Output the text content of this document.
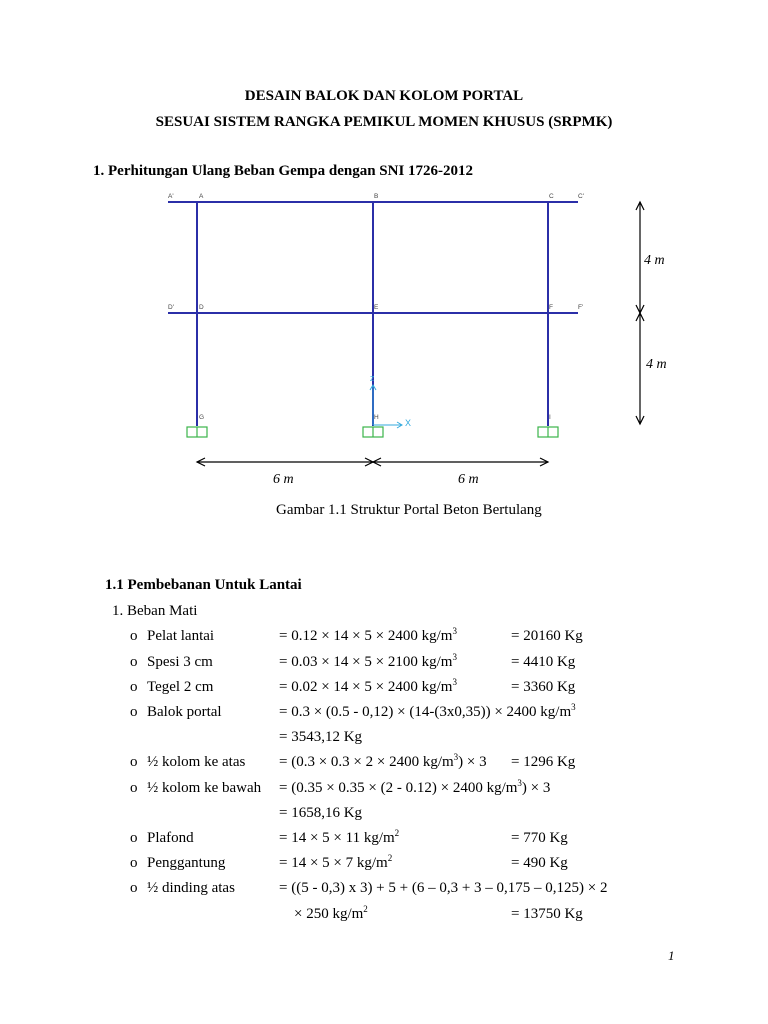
DESAIN BALOK DAN KOLOM PORTAL
SESUAI SISTEM RANGKA PEMIKUL MOMEN KHUSUS (SRPMK)
1. Perhitungan Ulang Beban Gempa dengan SNI 1726-2012
A'	A	B	C	C'
D'	D	E	F	F'
G	H	I
X
Z
4 m
4 m
6 m	6 m
Gambar 1.1 Struktur Portal Beton Bertulang
1.1 Pembebanan Untuk Lantai
1. Beban Mati
o Pelat lantai	= 0.12 × 14 × 5 × 2400 $kg/m^3$	= 20160 Kg
o Spesi 3 cm	= 0.03 × 14 × 5 × 2100 $kg/m^3$	= 4410 Kg
o Tegel 2 cm	= 0.02 × 14 × 5 × 2400 $kg/m^3$	= 3360 Kg
o Balok portal	= 0.3 × (0.5 - 0,12) × (14-(3x0,35)) × 2400 $kg/m^3$
= 3543,12 Kg
o ½ kolom ke atas = (0.3 × 0.3 × 2 × 2400 $kg/m^3) \times 3 = 1296$ Kg
o ½ kolom ke bawah = (0.35 × 0.35 × (2 - 0.12) × 2400 $kg/m^3) \times 3$
= 1658,16 Kg
o Plafond	= 14 × 5 × 11 $kg/m^2$	= 770 Kg
o Penggantung	= 14 × 5 × 7 $kg/m^2$	= 490 Kg
o ½ dinding atas	= ((5 - 0,3) x 3) + 5 + (6 – 0,3 + 3 – 0,175 – 0,125) × 2
× 250 $kg/m^2$	= 13750 Kg
1
